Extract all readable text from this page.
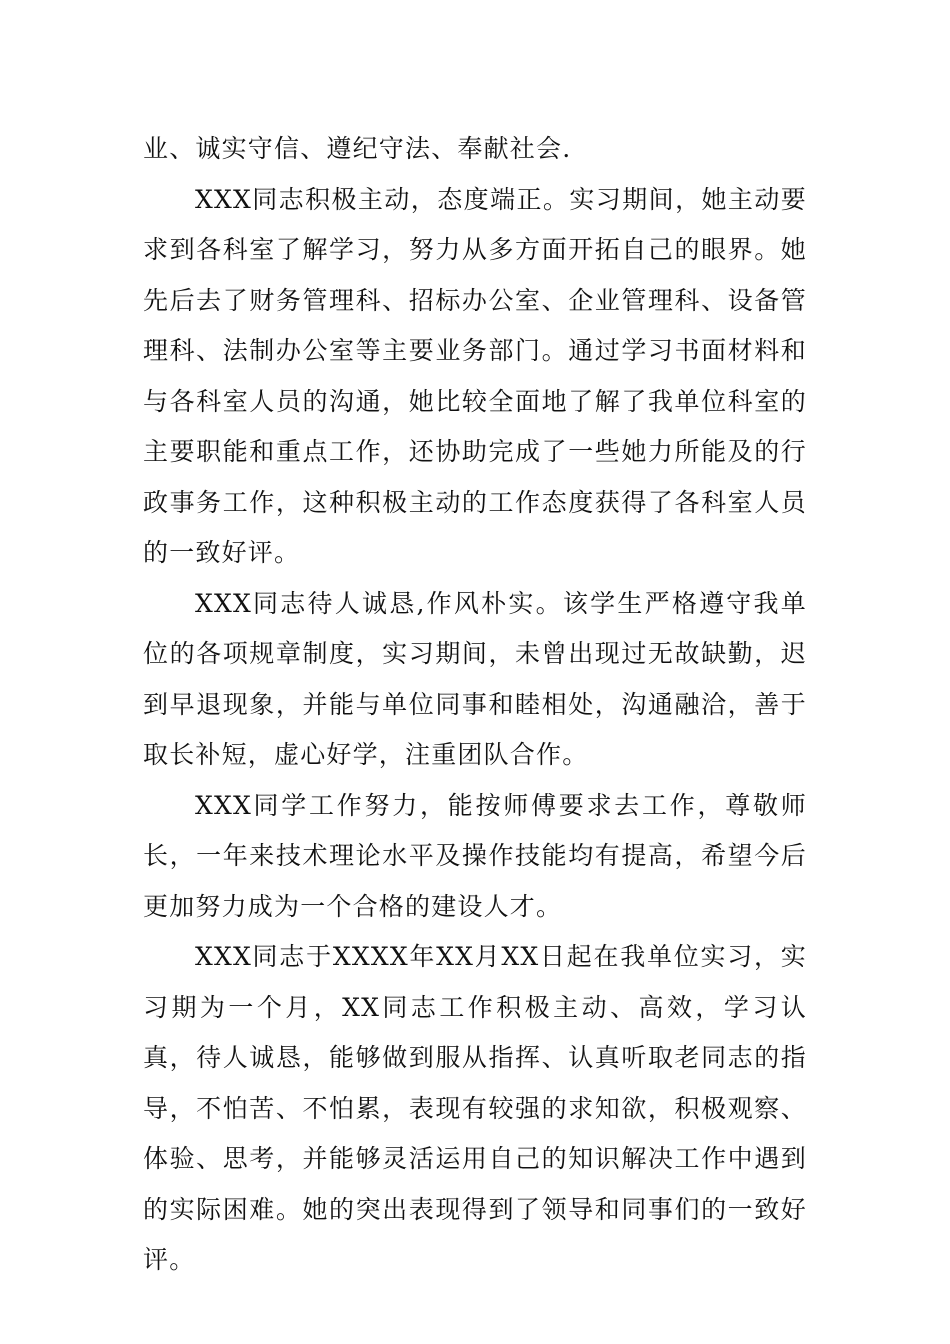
业、诚实守信、遵纪守法、奉献社会.

XXX同志积极主动，态度端正。实习期间，她主动要求到各科室了解学习，努力从多方面开拓自己的眼界。她先后去了财务管理科、招标办公室、企业管理科、设备管理科、法制办公室等主要业务部门。通过学习书面材料和与各科室人员的沟通，她比较全面地了解了我单位科室的主要职能和重点工作，还协助完成了一些她力所能及的行政事务工作，这种积极主动的工作态度获得了各科室人员的一致好评。

XXX同志待人诚恳,作风朴实。该学生严格遵守我单位的各项规章制度，实习期间，未曾出现过无故缺勤，迟到早退现象，并能与单位同事和睦相处，沟通融洽，善于取长补短，虚心好学，注重团队合作。

XXX同学工作努力，能按师傅要求去工作，尊敬师长，一年来技术理论水平及操作技能均有提高，希望今后更加努力成为一个合格的建设人才。

XXX同志于XXXX年XX月XX日起在我单位实习，实习期为一个月，XX同志工作积极主动、高效，学习认真，待人诚恳，能够做到服从指挥、认真听取老同志的指导，不怕苦、不怕累，表现有较强的求知欲，积极观察、体验、思考，并能够灵活运用自己的知识解决工作中遇到的实际困难。她的突出表现得到了领导和同事们的一致好评。
